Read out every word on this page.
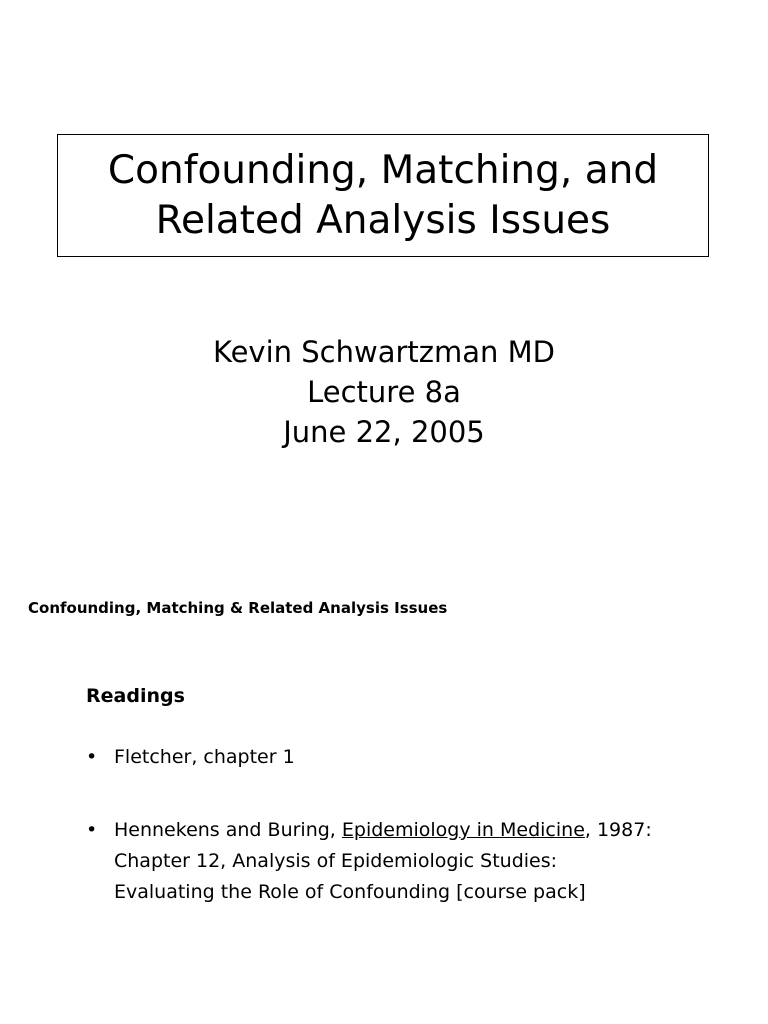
Confounding, Matching, and
Related Analysis Issues
Kevin Schwartzman MD
Lecture 8a
June 22, 2005
Confounding, Matching & Related Analysis Issues
Readings
• Fletcher, chapter 1
• Hennekens and Buring, Epidemiology in Medicine, 1987:
Chapter 12, Analysis of Epidemiologic Studies:
Evaluating the Role of Confounding [course pack]
